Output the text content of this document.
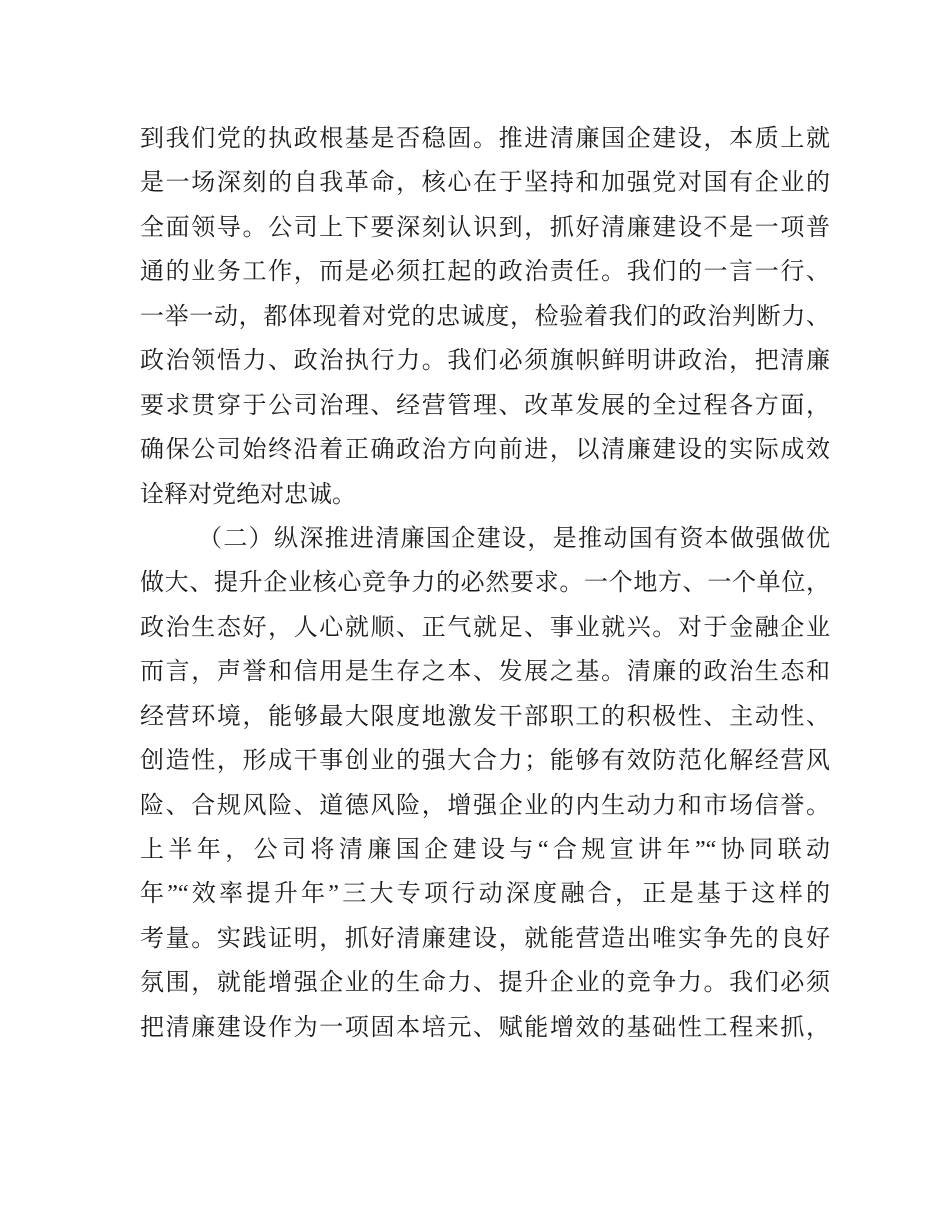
到我们党的执政根基是否稳固。推进清廉国企建设，本质上就
是一场深刻的自我革命，核心在于坚持和加强党对国有企业的
全面领导。公司上下要深刻认识到，抓好清廉建设不是一项普
通的业务工作，而是必须扛起的政治责任。我们的一言一行、
一举一动，都体现着对党的忠诚度，检验着我们的政治判断力、
政治领悟力、政治执行力。我们必须旗帜鲜明讲政治，把清廉
要求贯穿于公司治理、经营管理、改革发展的全过程各方面，
确保公司始终沿着正确政治方向前进，以清廉建设的实际成效
诠释对党绝对忠诚。
（二）纵深推进清廉国企建设，是推动国有资本做强做优
做大、提升企业核心竞争力的必然要求。一个地方、一个单位，
政治生态好，人心就顺、正气就足、事业就兴。对于金融企业
而言，声誉和信用是生存之本、发展之基。清廉的政治生态和
经营环境，能够最大限度地激发干部职工的积极性、主动性、
创造性，形成干事创业的强大合力；能够有效防范化解经营风
险、合规风险、道德风险，增强企业的内生动力和市场信誉。
上半年，公司将清廉国企建设与“合规宣讲年”“协同联动
年”“效率提升年”三大专项行动深度融合，正是基于这样的
考量。实践证明，抓好清廉建设，就能营造出唯实争先的良好
氛围，就能增强企业的生命力、提升企业的竞争力。我们必须
把清廉建设作为一项固本培元、赋能增效的基础性工程来抓，
